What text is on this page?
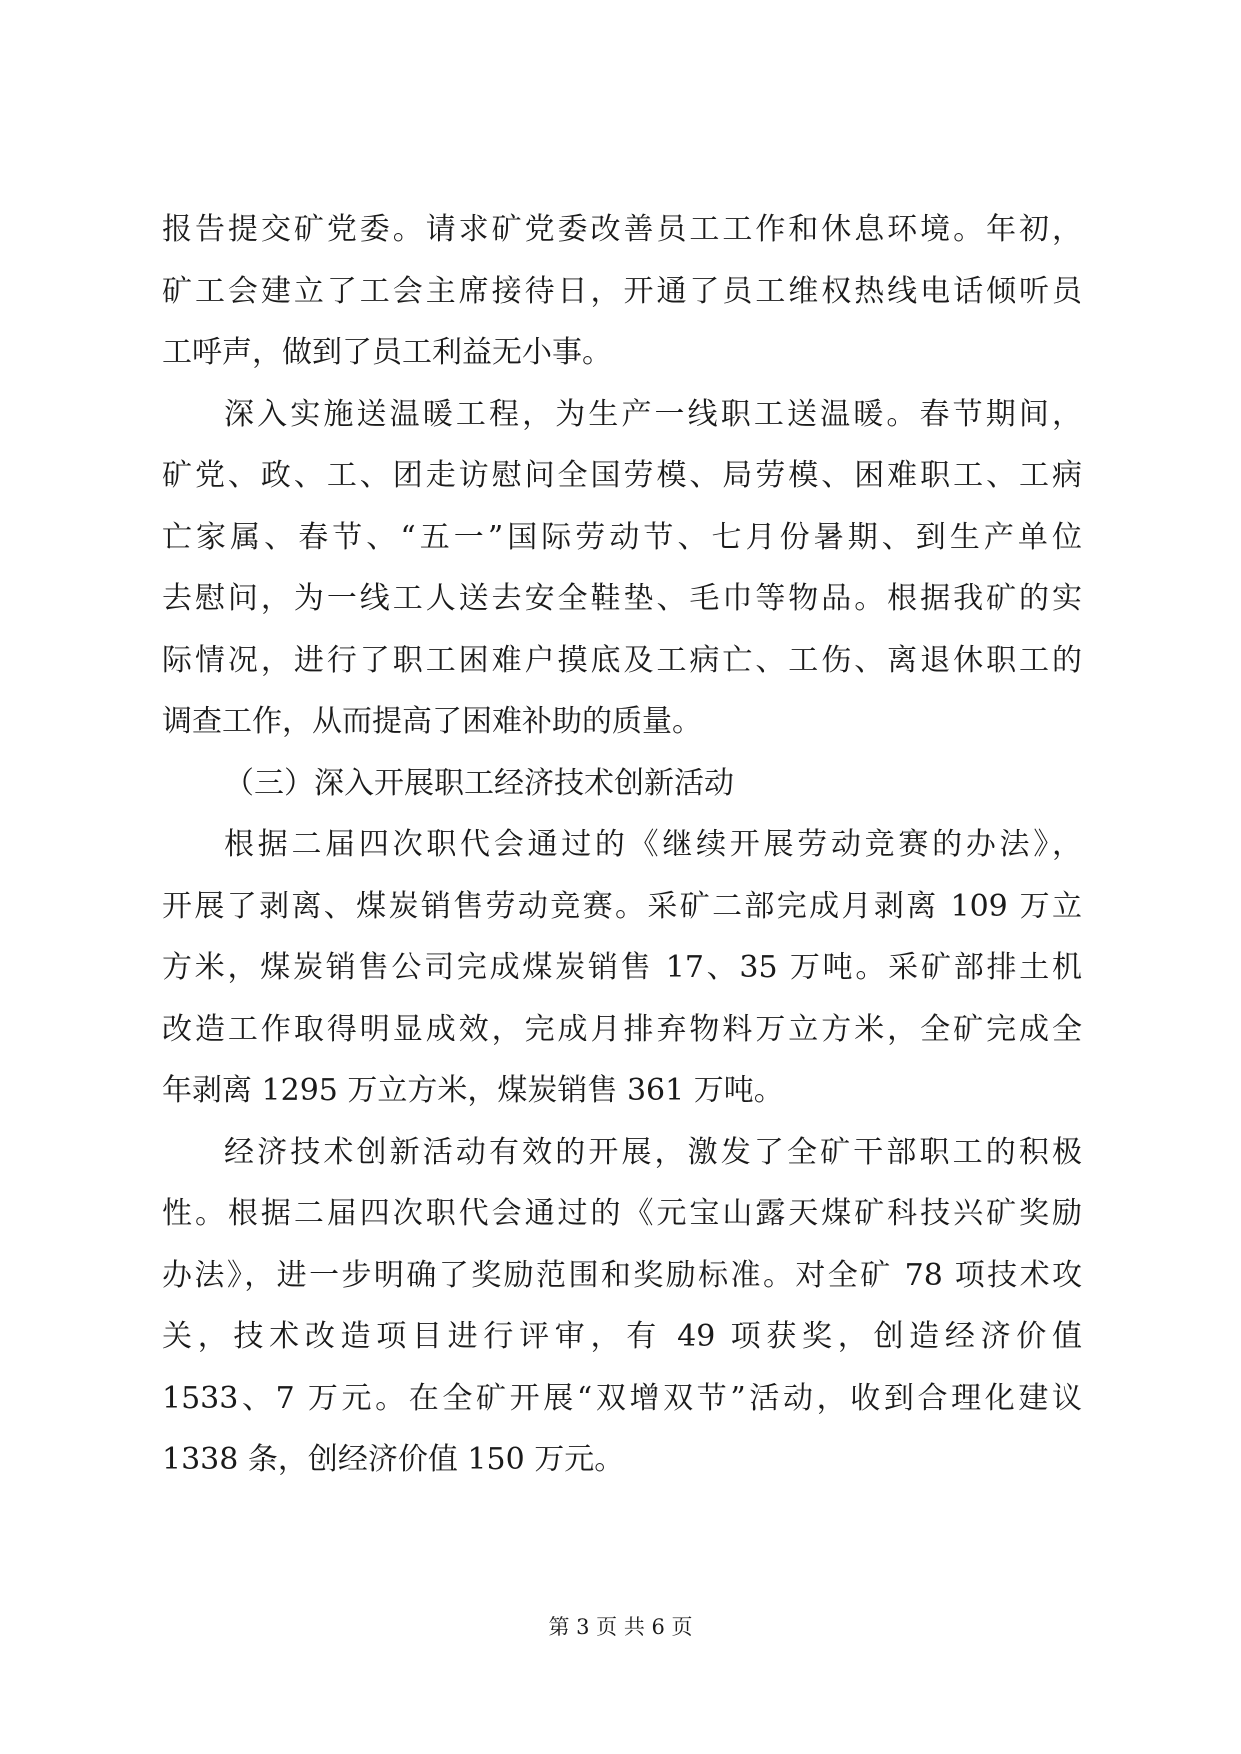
报告提交矿党委。请求矿党委改善员工工作和休息环境。年初，
矿工会建立了工会主席接待日，开通了员工维权热线电话倾听员
工呼声，做到了员工利益无小事。
深入实施送温暖工程，为生产一线职工送温暖。春节期间，
矿党、政、工、团走访慰问全国劳模、局劳模、困难职工、工病
亡家属、春节、“五一”国际劳动节、七月份暑期、到生产单位
去慰问，为一线工人送去安全鞋垫、毛巾等物品。根据我矿的实
际情况，进行了职工困难户摸底及工病亡、工伤、离退休职工的
调查工作，从而提高了困难补助的质量。
（三）深入开展职工经济技术创新活动
根据二届四次职代会通过的《继续开展劳动竞赛的办法》，
开展了剥离、煤炭销售劳动竞赛。采矿二部完成月剥离 109 万立
方米，煤炭销售公司完成煤炭销售 17、35 万吨。采矿部排土机
改造工作取得明显成效，完成月排弃物料万立方米，全矿完成全
年剥离 1295 万立方米，煤炭销售 361 万吨。
经济技术创新活动有效的开展，激发了全矿干部职工的积极
性。根据二届四次职代会通过的《元宝山露天煤矿科技兴矿奖励
办法》，进一步明确了奖励范围和奖励标准。对全矿 78 项技术攻
关，技术改造项目进行评审，有 49 项获奖，创造经济价值
1533、7 万元。在全矿开展“双增双节”活动，收到合理化建议
1338 条，创经济价值 150 万元。
第 3 页 共 6 页
